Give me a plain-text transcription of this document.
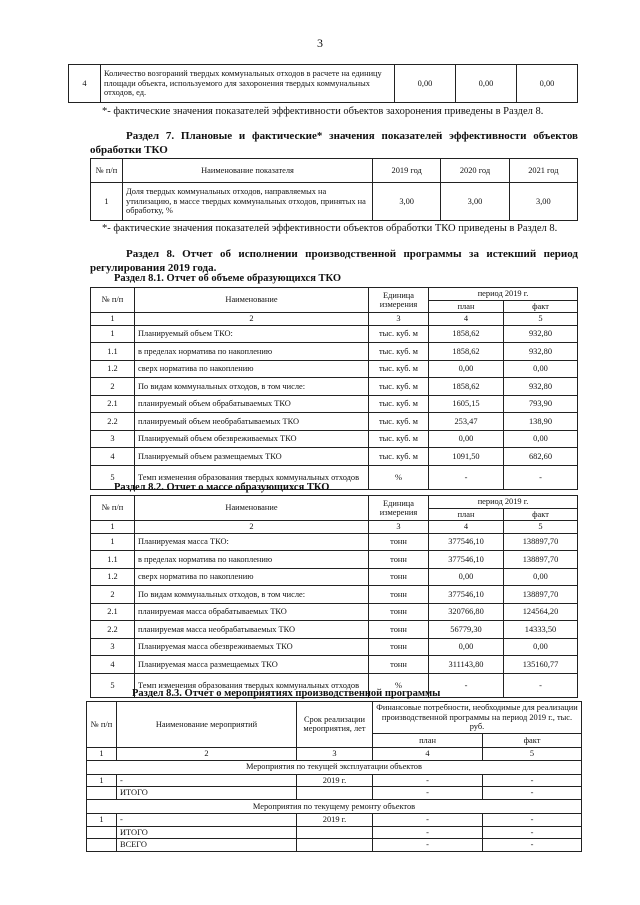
3
4	Количество возгораний твердых коммунальных отходов в расчете на единицу площади объекта, используемого для захоронения твердых коммунальных отходов, ед.	0,00	0,00	0,00
*- фактические значения показателей эффективности объектов захоронения приведены в Раздел 8.
Раздел 7. Плановые и фактические* значения показателей эффективности объектов обработки ТКО
№ п/п	Наименование показателя	2019 год	2020 год	2021 год
1	Доля твердых коммунальных отходов, направляемых на утилизацию, в массе твердых коммунальных отходов, принятых на обработку, %	3,00	3,00	3,00
*- фактические значения показателей эффективности объектов обработки ТКО приведены в Раздел 8.
Раздел 8. Отчет об исполнении производственной программы за истекший период регулирования 2019 года.
Раздел 8.1. Отчет об объеме образующихся ТКО
№ п/п	Наименование	Единица измерения	период 2019 г.	
			план	факт
1	2	3	4	5
1	Планируемый объем ТКО:	тыс. куб. м	1858,62	932,80
1.1	в пределах норматива по накоплению	тыс. куб. м	1858,62	932,80
1.2	сверх норматива по накоплению	тыс. куб. м	0,00	0,00
2	По видам коммунальных отходов, в том числе:	тыс. куб. м	1858,62	932,80
2.1	планируемый объем обрабатываемых ТКО	тыс. куб. м	1605,15	793,90
2.2	планируемый объем необрабатываемых ТКО	тыс. куб. м	253,47	138,90
3	Планируемый объем обезвреживаемых ТКО	тыс. куб. м	0,00	0,00
4	Планируемый объем размещаемых ТКО	тыс. куб. м	1091,50	682,60
5	Темп изменения образования твердых коммунальных отходов	%	-	-
Раздел 8.2. Отчет о массе образующихся ТКО
№ п/п	Наименование	Единица измерения	период 2019 г.	
			план	факт
1	2	3	4	5
1	Планируемая масса ТКО:	тонн	377546,10	138897,70
1.1	в пределах норматива по накоплению	тонн	377546,10	138897,70
1.2	сверх норматива по накоплению	тонн	0,00	0,00
2	По видам коммунальных отходов, в том числе:	тонн	377546,10	138897,70
2.1	планируемая масса обрабатываемых ТКО	тонн	320766,80	124564,20
2.2	планируемая масса необрабатываемых ТКО	тонн	56779,30	14333,50
3	Планируемая масса обезвреживаемых ТКО	тонн	0,00	0,00
4	Планируемая масса размещаемых ТКО	тонн	311143,80	135160,77
5	Темп изменения образования твердых коммунальных отходов	%	-	-
Раздел 8.3. Отчет о мероприятиях производственной программы
№ п/п	Наименование мероприятий	Срок реализации мероприятия, лет	Финансовые потребности, необходимые для реализации производственной программы на период 2019 г., тыс. руб.	
			план	факт
1	2	3	4	5
Мероприятия по текущей эксплуатации объектов				
1	-	2019 г.	-	-
	ИТОГО		-	-
Мероприятия по текущему ремонту объектов				
1	-	2019 г.	-	-
	ИТОГО		-	-
	ВСЕГО		-	-
